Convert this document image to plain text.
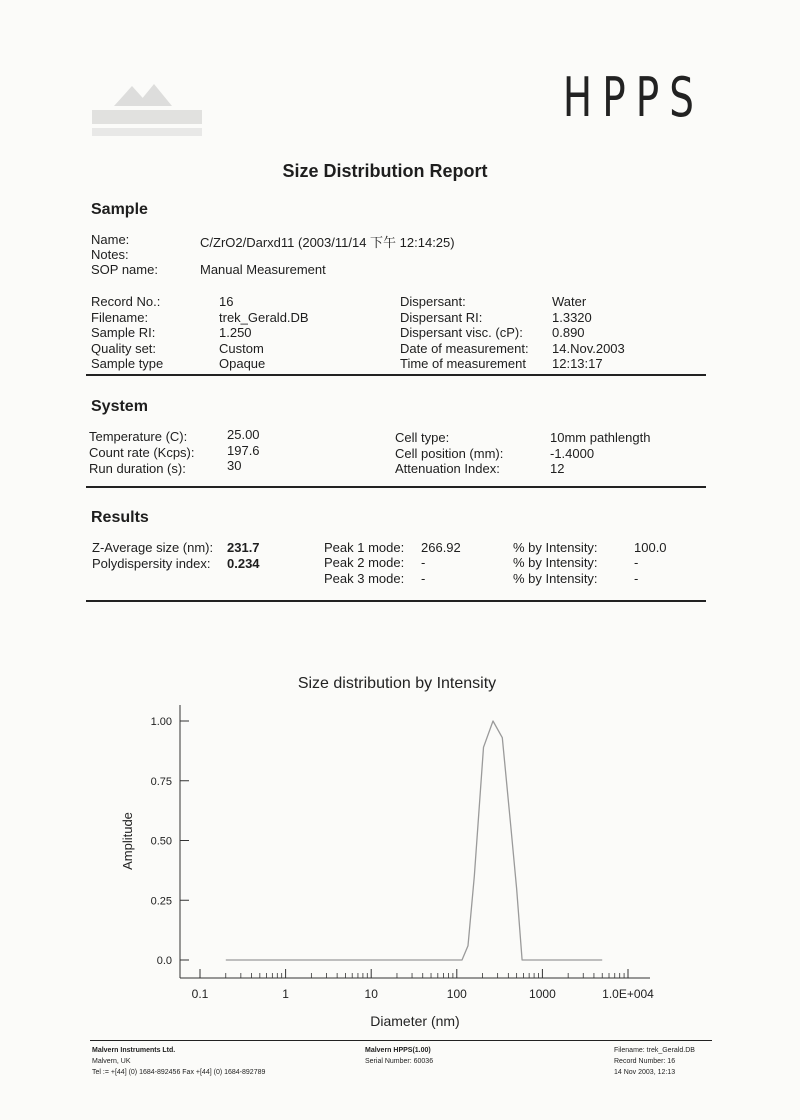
HPPS
Size Distribution Report
Sample
Name:	C/ZrO2/Darxd11 (2003/11/14 下午 12:14:25)
Notes:
SOP name:	Manual Measurement
Record No.:	16
Filename:	trek_Gerald.DB
Sample RI:	1.250
Quality set:	Custom
Sample type	Opaque
Dispersant:	Water
Dispersant RI:	1.3320
Dispersant visc. (cP): 0.890
Date of measurement: 14.Nov.2003
Time of measurement 12:13:17
System
Temperature (C):	25.00
Count rate (Kcps):	197.6
Run duration (s):	30
Cell type:	10mm pathlength
Cell position (mm):	-1.4000
Attenuation Index:	12
Results
Z-Average size (nm): 231.7
Polydispersity index: 0.234
Peak 1 mode: 266.92	% by Intensity:	100.0
Peak 2 mode: -	% by Intensity:	-
Peak 3 mode: -	% by Intensity:	-
Size distribution by Intensity
0.0
0.25
0.50
0.75
1.00
0.1	1	10	100	1000	1.0E+004
Diameter (nm)
Amplitude
Malvern Instruments Ltd.
Malvern, UK
Tel := +[44] (0) 1684-892456 Fax +[44] (0) 1684-892789
Malvern HPPS(1.00)
Serial Number: 60036
Filename: trek_Gerald.DB
Record Number: 16
14 Nov 2003, 12:13
